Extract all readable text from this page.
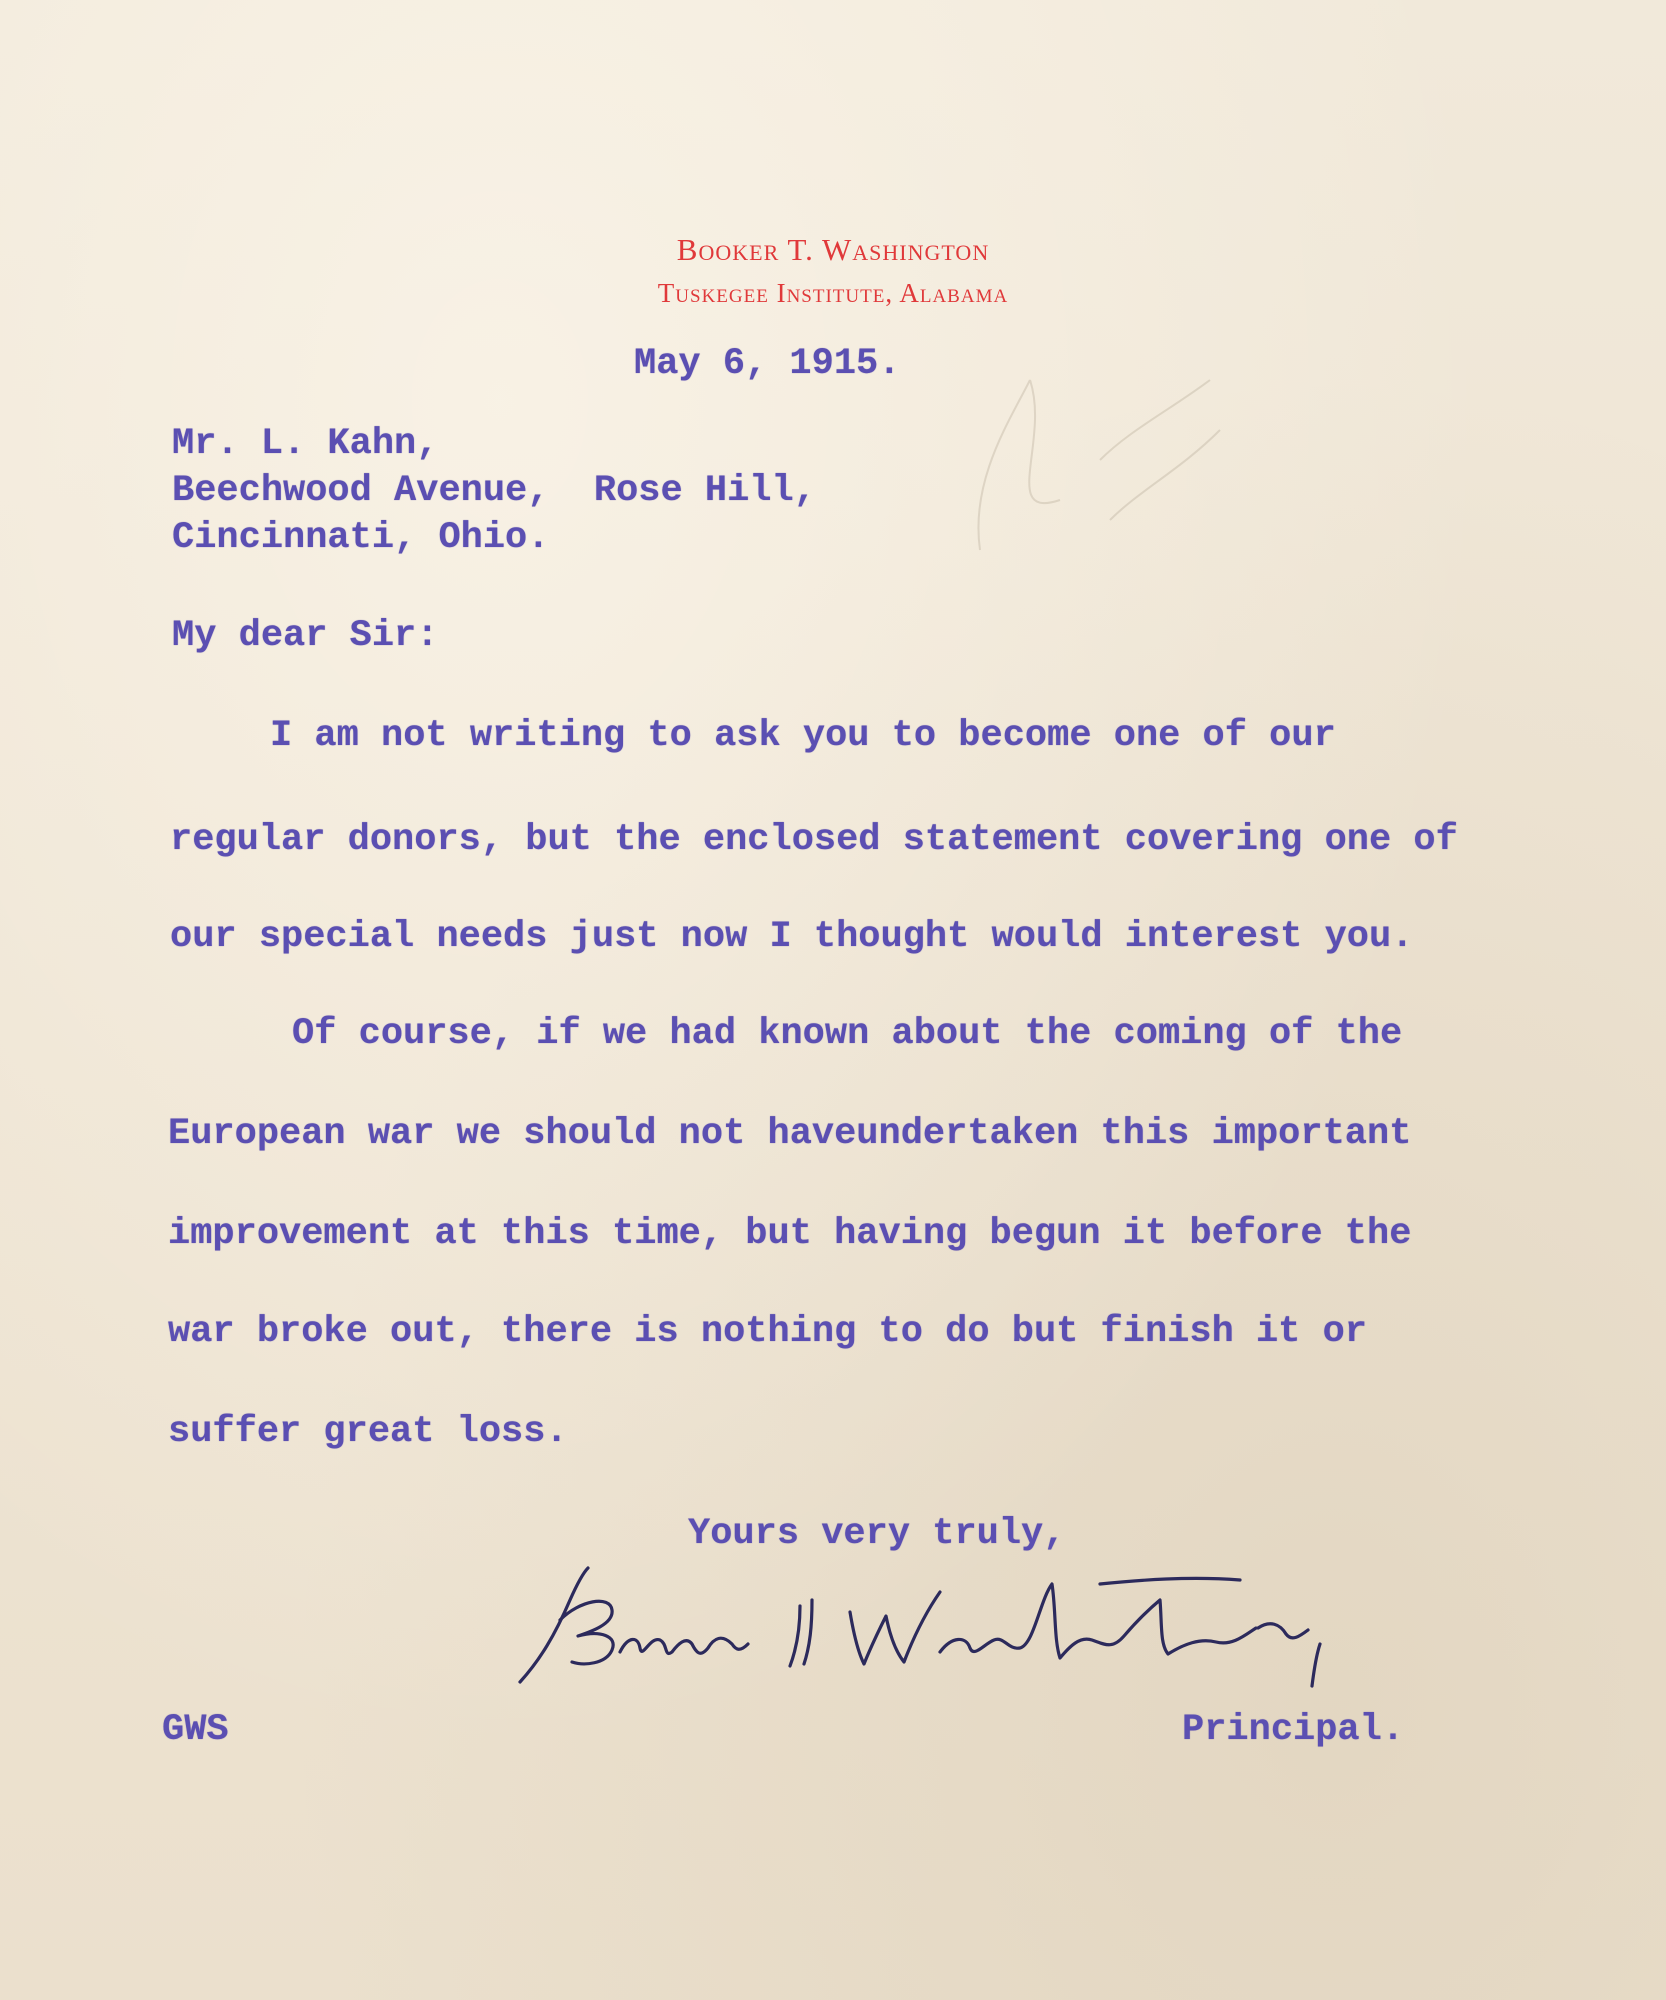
Booker T. Washington
Tuskegee Institute, Alabama
May 6, 1915.
Mr. L. Kahn,
Beechwood Avenue,  Rose Hill,
Cincinnati, Ohio.
My dear Sir:
I am not writing to ask you to become one of our
regular donors, but the enclosed statement covering one of
our special needs just now I thought would interest you.
Of course, if we had known about the coming of the
European war we should not haveundertaken this important
improvement at this time, but having begun it before the
war broke out, there is nothing to do but finish it or
suffer great loss.
Yours very truly,
GWS	Principal.
